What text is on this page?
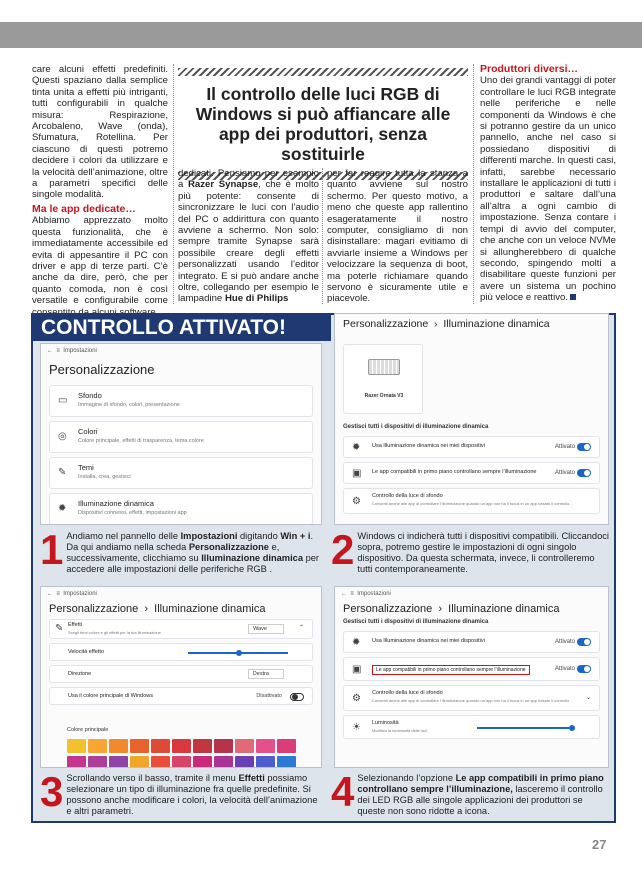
care alcuni effetti predefiniti. Questi spaziano dalla semplice tinta unita a effetti più intriganti, tutti configurabili in qualche misura: Respirazione, Arcobaleno, Wave (onda), Sfumatura, Rotellina. Per ciascuno di questi potremo decidere i colori da utilizzare e la velocità dell’animazione, oltre a parametri specifici delle singole modalità.

Ma le app dedicate…

Abbiamo apprezzato molto questa funzionalità, che è immediatamente accessibile ed evita di appesantire il PC con driver e app di terze parti. C’è anche da dire, però, che per quanto comoda, non è così versatile e configurabile come

Il controllo delle luci RGB di Windows si può affiancare alle app dei produttori, senza sostituirle

dedicati. Pensiamo per esempio a Razer Synapse, che è molto più potente: consente di sincronizzare le luci con l’audio del PC o addirittura con quanto avviene a schermo. Non solo: sempre tramite Synapse sarà possibile creare degli effetti personalizzati usando l’editor integrato. E si può andare anche oltre, collegando per esempio le lampadine Hue di Philips

per far reagire tutta la stanza a quanto avviene sul nostro schermo. Per questo motivo, a meno che queste app rallentino esageratamente il nostro computer, consigliamo di non disinstallare: magari evitiamo di avviarle insieme a Windows per velocizzare la sequenza di boot, ma poterle richiamare quando servono è sicuramente utile e piacevole.

Produttori diversi…

Uno dei grandi vantaggi di poter controllare le luci RGB integrate nelle periferiche e nelle componenti da Windows è che si potranno gestire da un unico pannello, anche nel caso si possiedano dispositivi di differenti marche. In questi casi, infatti, sarebbe necessario installare le applicazioni di tutti i produttori e saltare dall’una all’altra a ogni cambio di impostazione. Senza contare i tempi di avvio del computer, che anche con un veloce NVMe si allungherebbero di qualche secondo, spingendo molti a disabilitare queste funzioni per avere un sistema un pochino più veloce e reattivo.

CONTROLLO ATTIVATO!
← ≡ Impostazioni
Personalizzazione
▭ Sfondo
Immagine di sfondo, colori, presentazione
◎ Colori
Colore principale, effetti di trasparenza, tema colore
✎ Temi
Installa, crea, gestisci
✹ Illuminazione dinamica
Dispositivi connessi, effetti, impostazioni app
Personalizzazione  ›  Illuminazione dinamica
Razer Ornata V3
Gestisci tutti i dispositivi di illuminazione dinamica
✹ Usa Illuminazione dinamica nei miei dispositivi	Attivato
▣ Le app compatibili in primo piano controllano sempre l’illuminazione	Attivato
⚙ Controllo della luce di sfondo
Consenti anche alle app di controllare l’illuminazione quando un’app non ha il focus in un app basato il controllo...
1 Andiamo nel pannello delle Impostazioni digitando Win + i. Da qui andiamo nella scheda Personalizzazione e, successivamente, clicchiamo su Illuminazione dinamica per accedere alle impostazioni delle periferiche RGB .	2 Windows ci indicherà tutti i dispositivi compatibili. Cliccandoci sopra, potremo gestire le impostazioni di ogni singolo dispositivo. Da questa schermata, invece, li controlleremo tutti contemporaneamente.
← ≡ Impostazioni
Personalizzazione  ›  Illuminazione dinamica
✎ Effetti
Scegli temi colore e gli effetti per la tua illuminazione
Wave	⌃
Velocità effetto
Direzione	Destra
Usa il colore principale di Windows	Disattivato
Colore principale
← ≡ Impostazioni
Personalizzazione  ›  Illuminazione dinamica
Gestisci tutti i dispositivi di illuminazione dinamica
✹ Usa Illuminazione dinamica nei miei dispositivi	Attivato
▣	Le app compatibili in primo piano controllano sempre l’illuminazione	Attivato
⚙ Controllo della luce di sfondo
Consenti anche alle app di controllare l’illuminazione quando un’app non ha il focus in un app basato il controllo	⌄
☀ Luminosità
Modifica la luminosità delle luci
3 Scrollando verso il basso, tramite il menu Effetti possiamo selezionare un tipo di illuminazione fra quelle predefinite. Si possono anche modificare i colori, la velocità dell’animazione e altri parametri.	4 Selezionando l’opzione Le app compatibili in primo piano controllano sempre l’illuminazione, lasceremo il controllo dei LED RGB alle singole applicazioni dei produttori se queste non sono ridotte a icona.
27
